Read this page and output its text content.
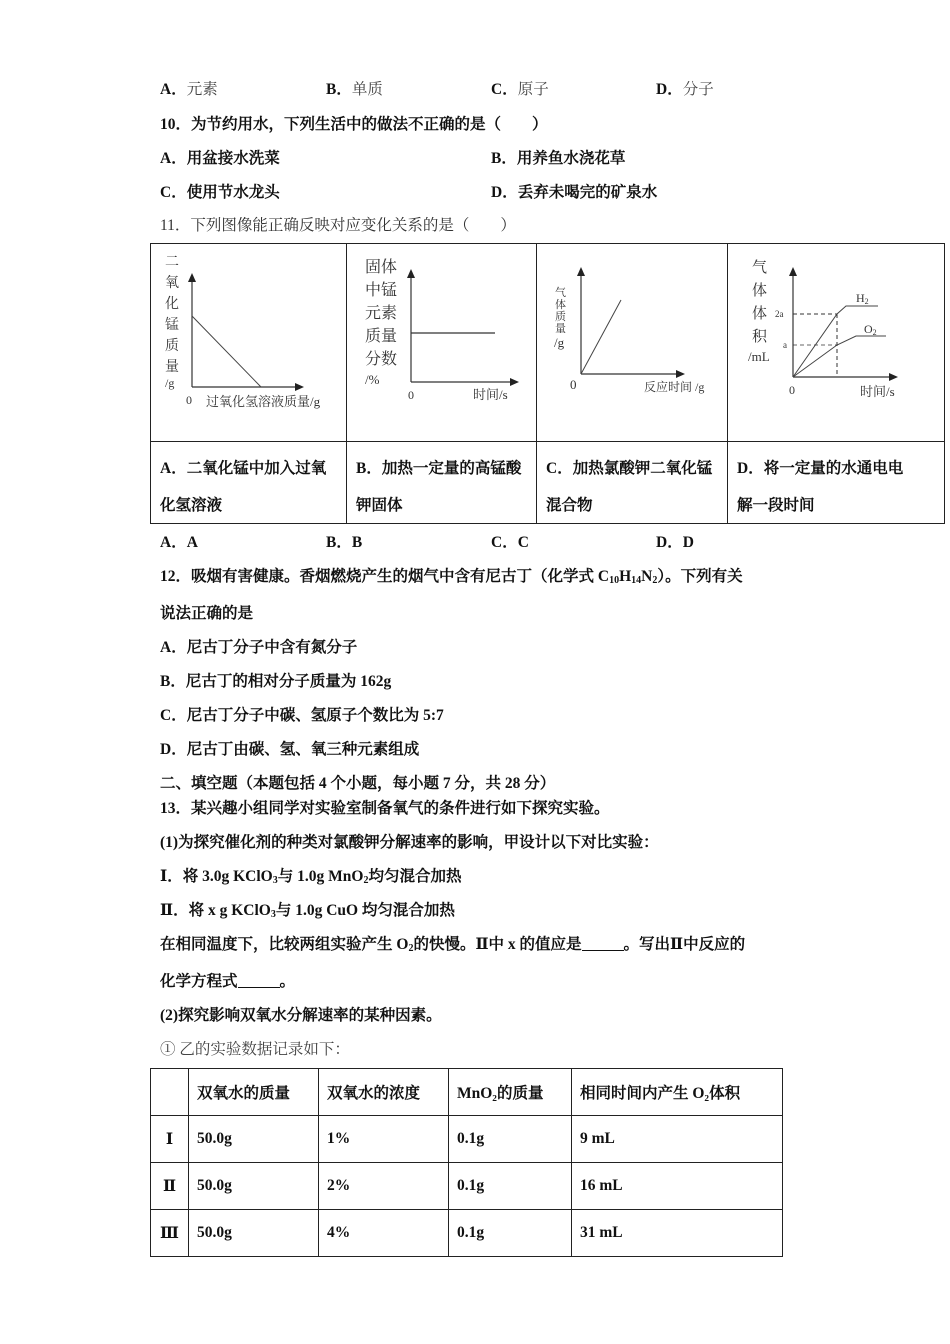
A．元素	B．单质	C．原子	D．分子
10．为节约用水，下列生活中的做法不正确的是（　　）
A．用盆接水洗菜	B．用养鱼水浇花草
C．使用节水龙头	D．丢弃未喝完的矿泉水
11．下列图像能正确反映对应变化关系的是（　　）
二
氧
化
锰
质
量
/g
0 过氧化氢溶液质量/g
A．二氧化锰中加入过氧化氢溶液
固体
中锰
元素
质量
分数
/%
0	时间/s
B．加热一定量的高锰酸钾固体
气
体
质
量
/g
0	反应时间 /g
C．加热氯酸钾二氧化锰混合物
气
体
体
积
/mL
2a
a
0	时间/s
H2
O2
D．将一定量的水通电电解一段时间
A．A	B．B	C．C	D．D
12．吸烟有害健康。香烟燃烧产生的烟气中含有尼古丁（化学式 $C_{10}H_{14}N_2$）。下列有关
说法正确的是
A．尼古丁分子中含有氮分子
B．尼古丁的相对分子质量为 162g
C．尼古丁分子中碳、氢原子个数比为 5:7
D．尼古丁由碳、氢、氧三种元素组成
二、填空题（本题包括 4 个小题，每小题 7 分，共 28 分）
13．某兴趣小组同学对实验室制备氧气的条件进行如下探究实验。
(1)为探究催化剂的种类对氯酸钾分解速率的影响，甲设计以下对比实验：
Ⅰ．将 3.0g KClO$_3$与 1.0g MnO$_2$均匀混合加热
Ⅱ．将 x g KClO$_3$与 1.0g CuO 均匀混合加热
在相同温度下，比较两组实验产生 $O_2$的快慢。Ⅱ中 x 的值应是	。写出Ⅱ中反应的
化学方程式	。
(2)探究影响双氧水分解速率的某种因素。
① 乙的实验数据记录如下：
	双氧水的质量	双氧水的浓度	MnO₂的质量	相同时间内产生 O₂体积
Ⅰ	50.0g	1%	0.1g	9 mL
Ⅱ	50.0g	2%	0.1g	16 mL
Ⅲ	50.0g	4%	0.1g	31 mL
